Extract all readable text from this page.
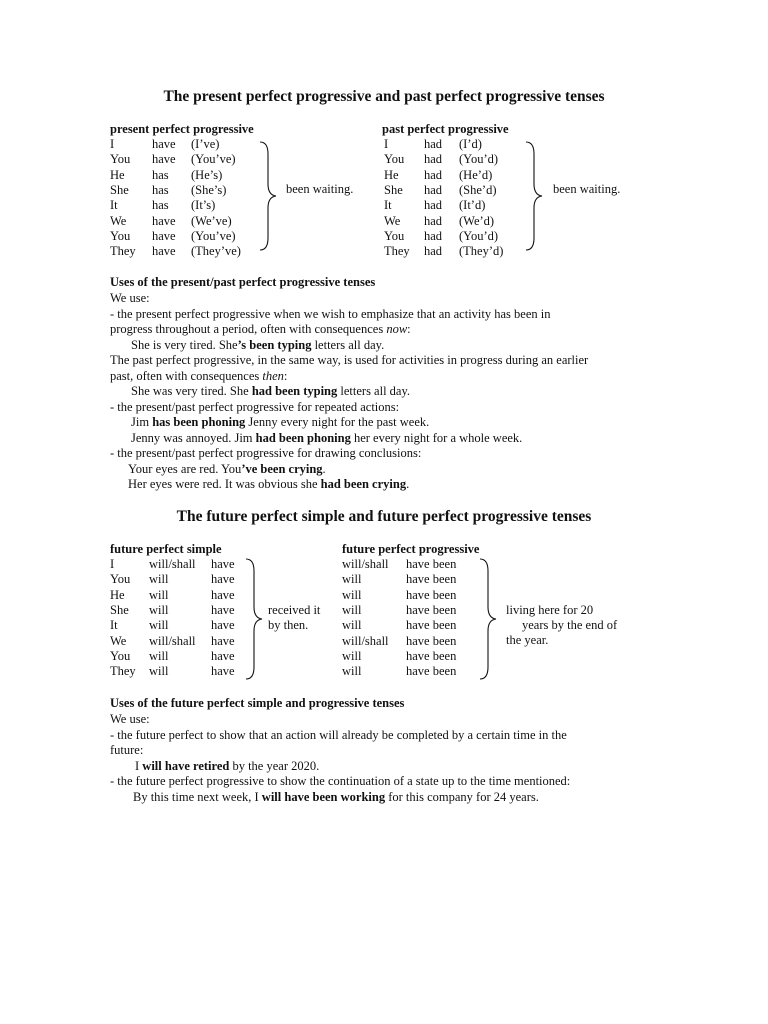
The present perfect progressive and past perfect progressive tenses
present perfect progressive	past perfect progressive
I	have (I’ve)
You have (You’ve)
He has (He’s)
She has (She’s)
It	has (It’s)
We have (We’ve)
You have (You’ve)
They have (They’ve)
been waiting.
I	had (I’d)
You had (You’d)
He had (He’d)
She had (She’d)
It	had (It’d)
We had (We’d)
You had (You’d)
They had (They’d)
been waiting.
Uses of the present/past perfect progressive tenses
We use:
- the present perfect progressive when we wish to emphasize that an activity has been in
progress throughout a period, often with consequences now:
She is very tired. She’s been typing letters all day.
The past perfect progressive, in the same way, is used for activities in progress during an earlier
past, often with consequences then:
She was very tired. She had been typing letters all day.
- the present/past perfect progressive for repeated actions:
Jim has been phoning Jenny every night for the past week.
Jenny was annoyed. Jim had been phoning her every night for a whole week.
- the present/past perfect progressive for drawing conclusions:
Your eyes are red. You’ve been crying.
Her eyes were red. It was obvious she had been crying.
The future perfect simple and future perfect progressive tenses
future perfect simple	future perfect progressive
I	will/shall have
You will	have
He will	have
She will	have
It	will	have
We will/shall have
You will	have
They will	have
received it
by then.
will/shall have been
will	have been
will	have been
will	have been
will	have been
will/shall have been
will	have been
will	have been
living here for 20
years by the end of
the year.
Uses of the future perfect simple and progressive tenses
We use:
- the future perfect to show that an action will already be completed by a certain time in the
future:
I will have retired by the year 2020.
- the future perfect progressive to show the continuation of a state up to the time mentioned:
By this time next week, I will have been working for this company for 24 years.
